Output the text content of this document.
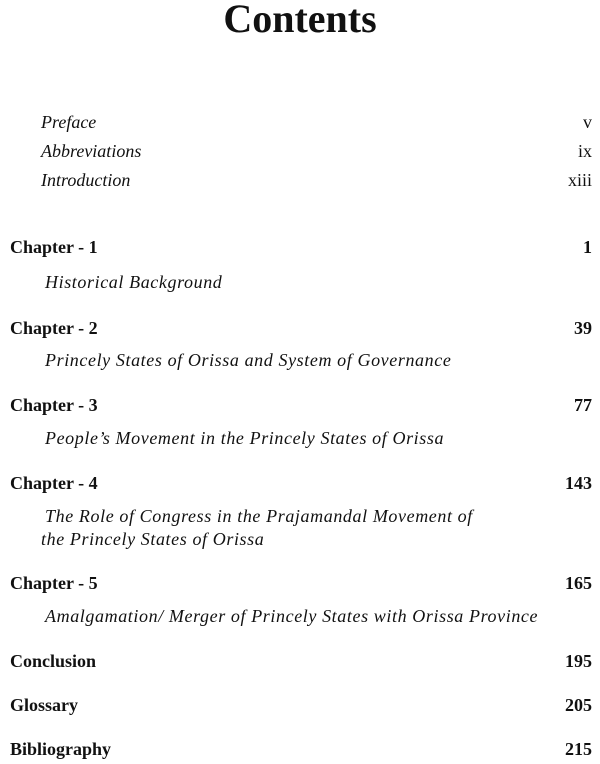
Contents
Preface	v
Abbreviations	ix
Introduction	xiii
Chapter - 1	1
Historical Background
Chapter - 2	39
Princely States of Orissa and System of Governance
Chapter - 3	77
People’s Movement in the Princely States of Orissa
Chapter - 4	143
The Role of Congress in the Prajamandal Movement of
the Princely States of Orissa
Chapter - 5	165
Amalgamation/ Merger of Princely States with Orissa Province
Conclusion	195
Glossary	205
Bibliography	215
